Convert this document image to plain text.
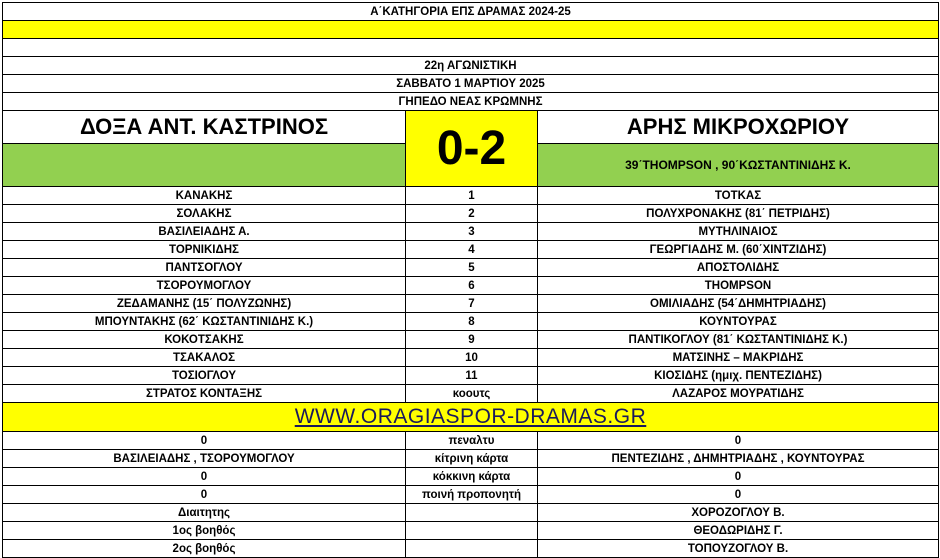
Α΄ΚΑΤΗΓΟΡΙΑ ΕΠΣ ΔΡΑΜΑΣ 2024-25		

22η ΑΓΩΝΙΣΤΙΚΗ		
ΣΑΒΒΑΤΟ 1 ΜΑΡΤΙΟΥ 2025		
ΓΗΠΕΔΟ ΝΕΑΣ ΚΡΩΜΝΗΣ		
ΔΟΞΑ ΑΝΤ. ΚΑΣΤΡΙΝΟΣ	0-2	ΑΡΗΣ ΜΙΚΡΟΧΩΡΙΟΥ
		39΄THOMPSON , 90΄ΚΩΣΤΑΝΤΙΝΙΔΗΣ Κ.
ΚΑΝΑΚΗΣ	1	ΤΟΤΚΑΣ
ΣΟΛΑΚΗΣ	2	ΠΟΛΥΧΡΟΝΑΚΗΣ (81΄ ΠΕΤΡΙΔΗΣ)
ΒΑΣΙΛΕΙΑΔΗΣ Α.	3	ΜΥΤΗΛΙΝΑΙΟΣ
ΤΟΡΝΙΚΙΔΗΣ	4	ΓΕΩΡΓΙΑΔΗΣ Μ. (60΄ΧΙΝΤΖΙΔΗΣ)
ΠΑΝΤΣΟΓΛΟΥ	5	ΑΠΟΣΤΟΛΙΔΗΣ
ΤΣΟΡΟΥΜΟΓΛΟΥ	6	THOMPSON
ΖΕΔΑΜΑΝΗΣ (15΄ ΠΟΛΥΖΩΝΗΣ)	7	ΟΜΙΛΙΑΔΗΣ (54΄ΔΗΜΗΤΡΙΑΔΗΣ)
ΜΠΟΥΝΤΑΚΗΣ (62΄ ΚΩΣΤΑΝΤΙΝΙΔΗΣ Κ.)	8	ΚΟΥΝΤΟΥΡΑΣ
ΚΟΚΟΤΣΑΚΗΣ	9	ΠΑΝΤΙΚΟΓΛΟΥ (81΄ ΚΩΣΤΑΝΤΙΝΙΔΗΣ Κ.)
ΤΣΑΚΑΛΟΣ	10	ΜΑΤΣΙΝΗΣ – ΜΑΚΡΙΔΗΣ
ΤΟΣΙΟΓΛΟΥ	11	ΚΙΟΣΙΔΗΣ (ημιχ. ΠΕΝΤΕΖΙΔΗΣ)
ΣΤΡΑΤΟΣ ΚΟΝΤΑΞΗΣ	κοουτς	ΛΑΖΑΡΟΣ ΜΟΥΡΑΤΙΔΗΣ
WWW.ORAGIASPOR-DRAMAS.GR		
0	πεναλτυ	0
ΒΑΣΙΛΕΙΑΔΗΣ , ΤΣΟΡΟΥΜΟΓΛΟΥ	κίτρινη κάρτα	ΠΕΝΤΕΖΙΔΗΣ , ΔΗΜΗΤΡΙΑΔΗΣ , ΚΟΥΝΤΟΥΡΑΣ
0	κόκκινη κάρτα	0
0	ποινή προπονητή	0
Διαιτητης		ΧΟΡΟΖΟΓΛΟΥ Β.
1ος βοηθός		ΘΕΟΔΩΡΙΔΗΣ Γ.
2ος βοηθός		ΤΟΠΟΥΖΟΓΛΟΥ Β.
